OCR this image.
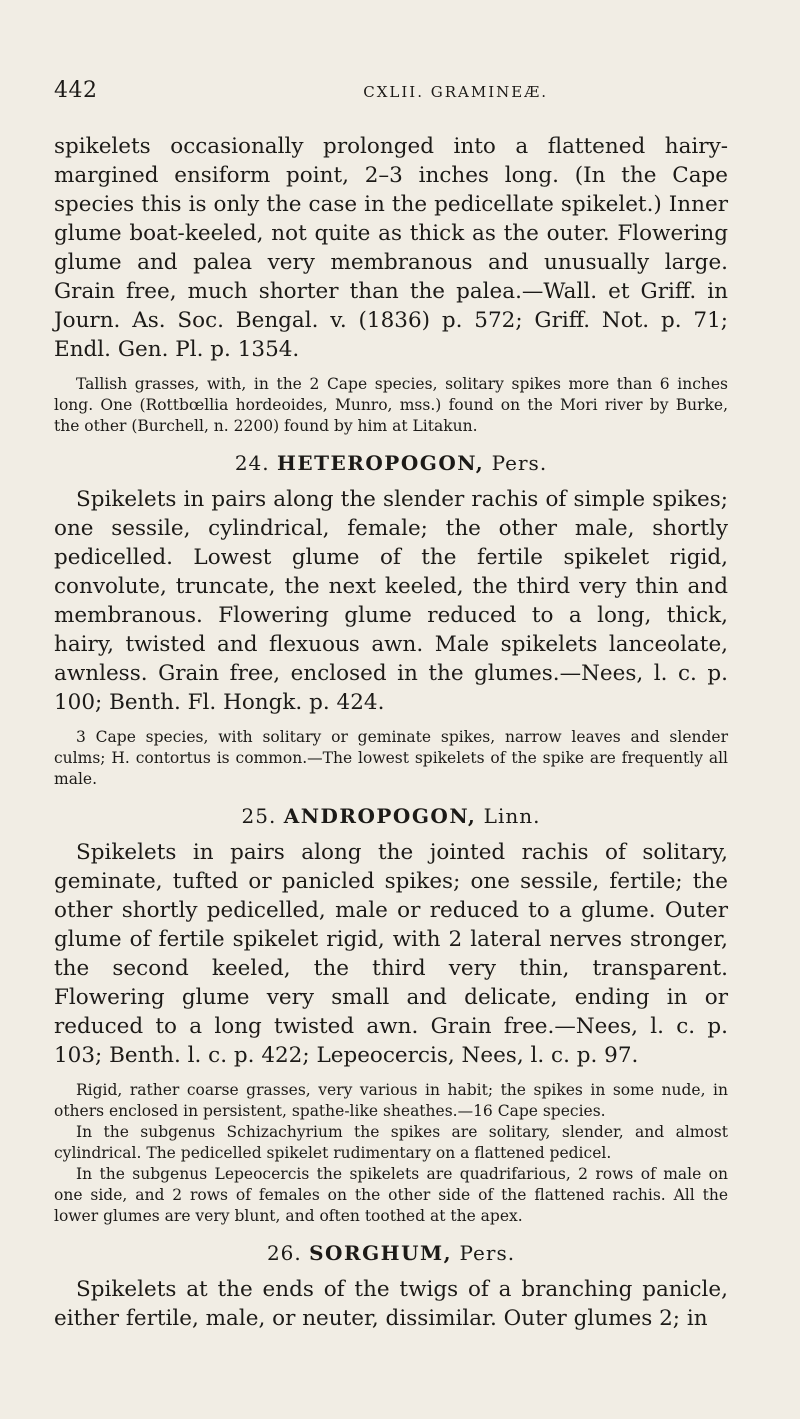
442	CXLII. GRAMINEÆ.

spikelets occasionally prolonged into a flattened hairy-margined ensiform point, 2–3 inches long. (In the Cape species this is only the case in the pedicellate spikelet.) Inner glume boat-keeled, not quite as thick as the outer. Flowering glume and palea very membranous and unusually large. Grain free, much shorter than the palea.—Wall. et Griff. in Journ. As. Soc. Bengal. v. (1836) p. 572; Griff. Not. p. 71; Endl. Gen. Pl. p. 1354.

Tallish grasses, with, in the 2 Cape species, solitary spikes more than 6 inches long. One (Rottbœllia hordeoides, Munro, mss.) found on the Mori river by Burke, the other (Burchell, n. 2200) found by him at Litakun.

24. HETEROPOGON, Pers.

Spikelets in pairs along the slender rachis of simple spikes; one sessile, cylindrical, female; the other male, shortly pedicelled. Lowest glume of the fertile spikelet rigid, convolute, truncate, the next keeled, the third very thin and membranous. Flowering glume reduced to a long, thick, hairy, twisted and flexuous awn. Male spikelets lanceolate, awnless. Grain free, enclosed in the glumes.—Nees, l. c. p. 100; Benth. Fl. Hongk. p. 424.

3 Cape species, with solitary or geminate spikes, narrow leaves and slender culms; H. contortus is common.—The lowest spikelets of the spike are frequently all male.

25. ANDROPOGON, Linn.

Spikelets in pairs along the jointed rachis of solitary, geminate, tufted or panicled spikes; one sessile, fertile; the other shortly pedicelled, male or reduced to a glume. Outer glume of fertile spikelet rigid, with 2 lateral nerves stronger, the second keeled, the third very thin, transparent. Flowering glume very small and delicate, ending in or reduced to a long twisted awn. Grain free.—Nees, l. c. p. 103; Benth. l. c. p. 422; Lepeocercis, Nees, l. c. p. 97.

Rigid, rather coarse grasses, very various in habit; the spikes in some nude, in others enclosed in persistent, spathe-like sheathes.—16 Cape species.

In the subgenus Schizachyrium the spikes are solitary, slender, and almost cylindrical. The pedicelled spikelet rudimentary on a flattened pedicel.

In the subgenus Lepeocercis the spikelets are quadrifarious, 2 rows of male on one side, and 2 rows of females on the other side of the flattened rachis. All the lower glumes are very blunt, and often toothed at the apex.

26. SORGHUM, Pers.

Spikelets at the ends of the twigs of a branching panicle, either fertile, male, or neuter, dissimilar. Outer glumes 2; in
